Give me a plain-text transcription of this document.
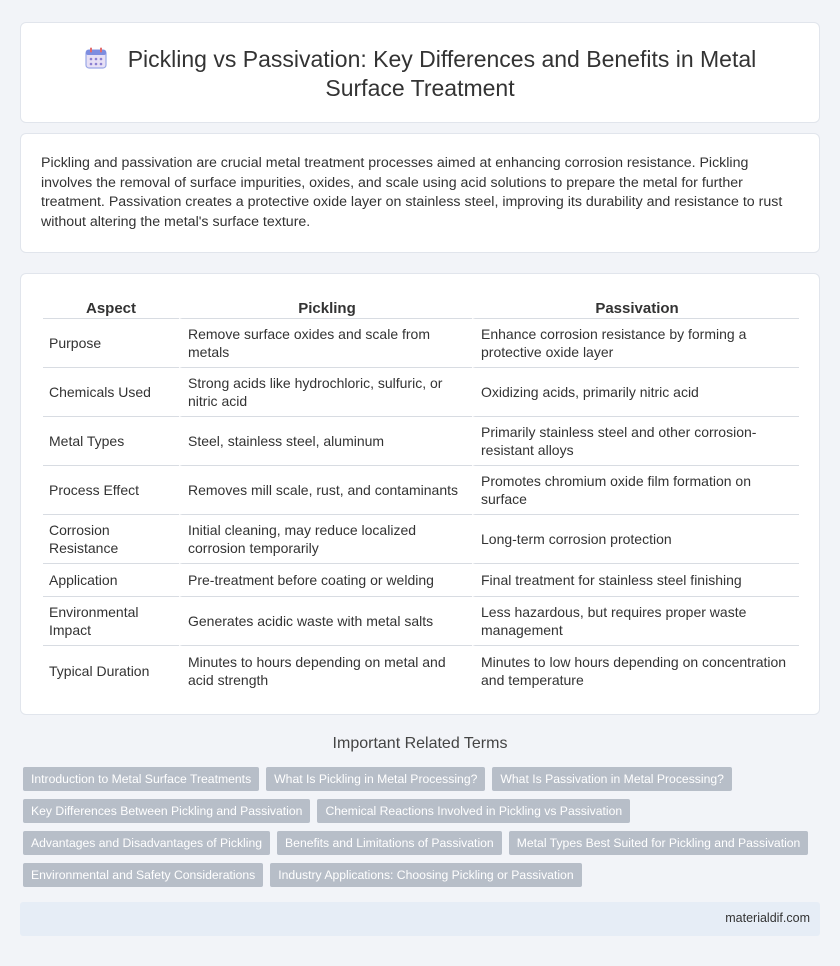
Pickling vs Passivation: Key Differences and Benefits in Metal Surface Treatment

Pickling and passivation are crucial metal treatment processes aimed at enhancing corrosion resistance. Pickling involves the removal of surface impurities, oxides, and scale using acid solutions to prepare the metal for further treatment. Passivation creates a protective oxide layer on stainless steel, improving its durability and resistance to rust without altering the metal's surface texture.

Aspect	Pickling	Passivation
Purpose	Remove surface oxides and scale from metals	Enhance corrosion resistance by forming a protective oxide layer
Chemicals Used	Strong acids like hydrochloric, sulfuric, or nitric acid	Oxidizing acids, primarily nitric acid
Metal Types	Steel, stainless steel, aluminum	Primarily stainless steel and other corrosion-resistant alloys
Process Effect	Removes mill scale, rust, and contaminants	Promotes chromium oxide film formation on surface
Corrosion Resistance	Initial cleaning, may reduce localized corrosion temporarily	Long-term corrosion protection
Application	Pre-treatment before coating or welding	Final treatment for stainless steel finishing
Environmental Impact	Generates acidic waste with metal salts	Less hazardous, but requires proper waste management
Typical Duration	Minutes to hours depending on metal and acid strength	Minutes to low hours depending on concentration and temperature
Important Related Terms
Introduction to Metal Surface Treatments	What Is Pickling in Metal Processing?	What Is Passivation in Metal Processing?
Key Differences Between Pickling and Passivation	Chemical Reactions Involved in Pickling vs Passivation
Advantages and Disadvantages of Pickling	Benefits and Limitations of Passivation	Metal Types Best Suited for Pickling and Passivation
Environmental and Safety Considerations	Industry Applications: Choosing Pickling or Passivation
materialdif.com
